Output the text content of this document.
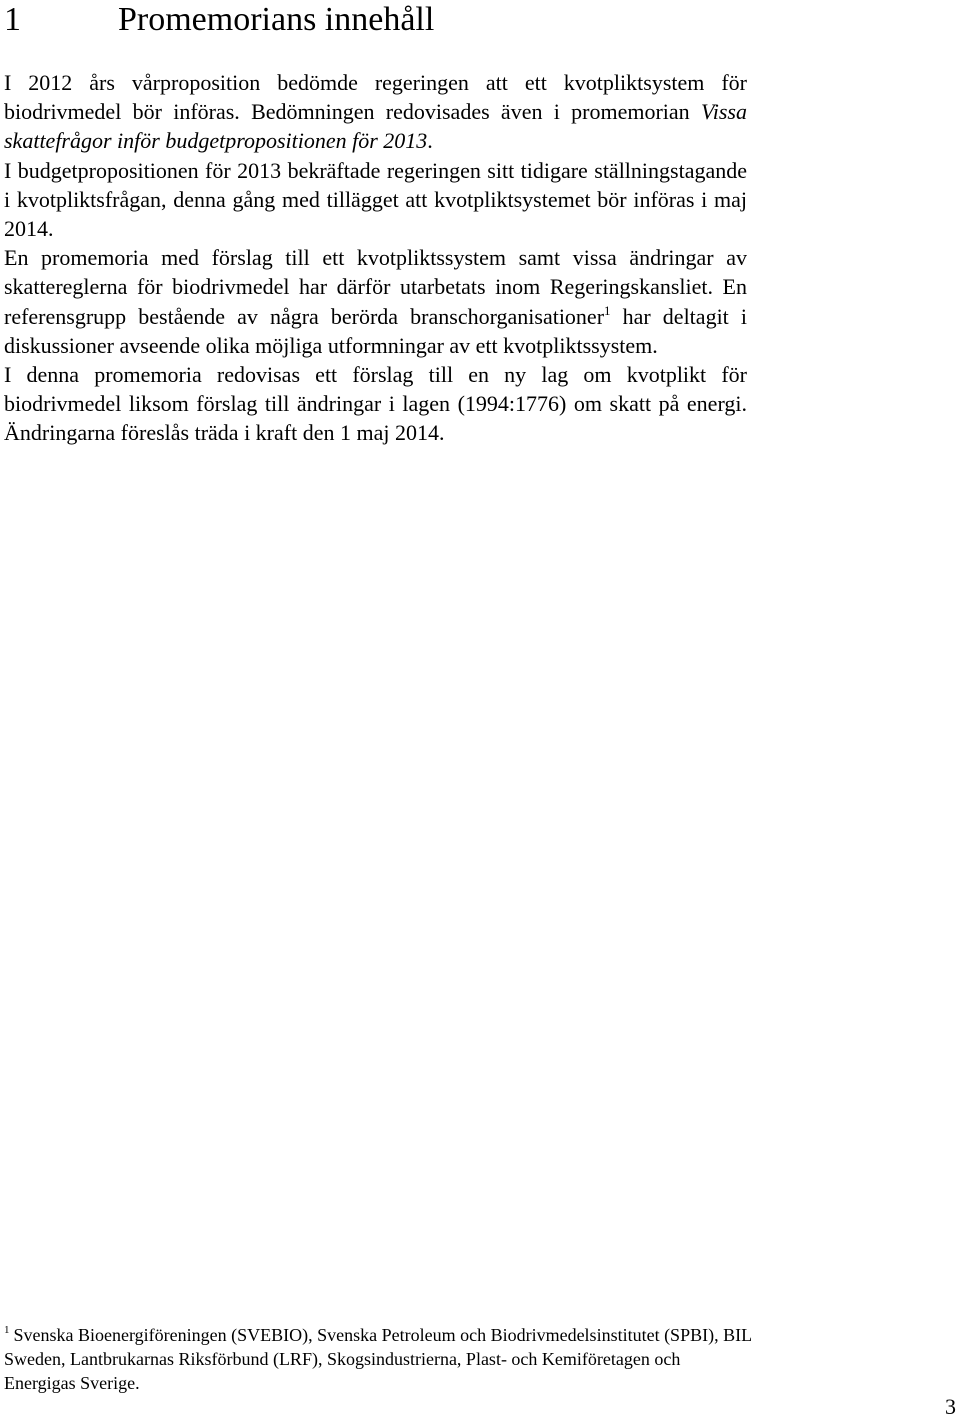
1	Promemorians innehåll

I 2012 års vårproposition bedömde regeringen att ett kvotpliktsystem för biodrivmedel bör införas. Bedömningen redovisades även i promemorian Vissa skattefrågor inför budgetpropositionen för 2013.

I budgetpropositionen för 2013 bekräftade regeringen sitt tidigare ställningstagande i kvotpliktsfrågan, denna gång med tillägget att kvotpliktsystemet bör införas i maj 2014.

En promemoria med förslag till ett kvotpliktssystem samt vissa ändringar av skattereglerna för biodrivmedel har därför utarbetats inom Regeringskansliet. En referensgrupp bestående av några berörda branschorganisationer$^1$ har deltagit i diskussioner avseende olika möjliga utformningar av ett kvotpliktssystem.

I denna promemoria redovisas ett förslag till en ny lag om kvotplikt för biodrivmedel liksom förslag till ändringar i lagen (1994:1776) om skatt på energi. Ändringarna föreslås träda i kraft den 1 maj 2014.

$^1$ Svenska Bioenergiföreningen (SVEBIO), Svenska Petroleum och Biodrivmedelsinstitutet (SPBI), BIL Sweden, Lantbrukarnas Riksförbund (LRF), Skogsindustrierna, Plast- och Kemiföretagen och Energigas Sverige.

3
